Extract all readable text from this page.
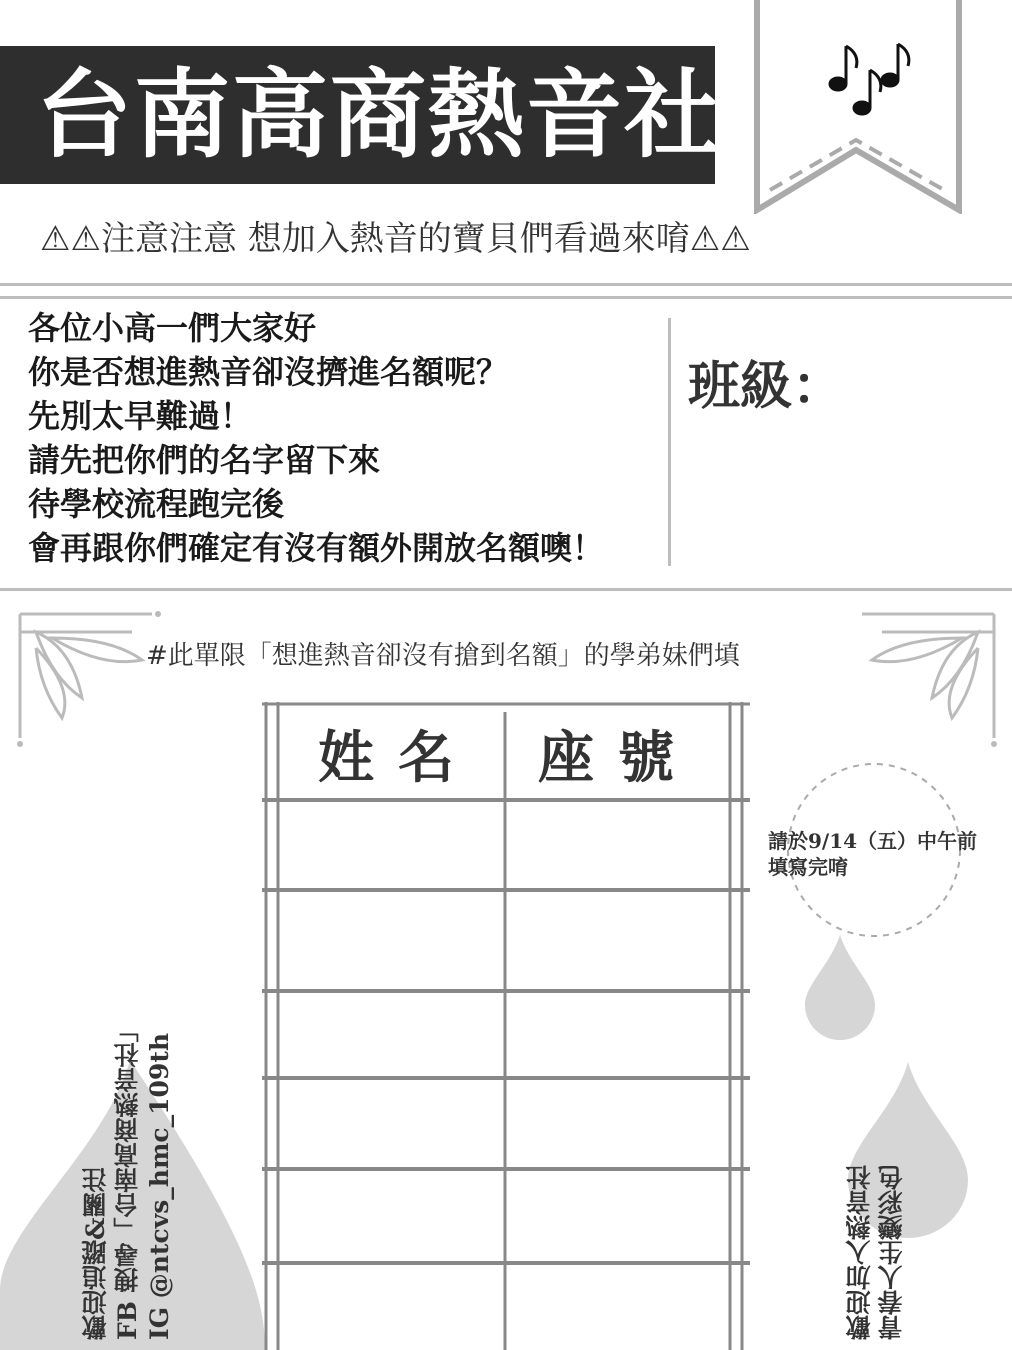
台南高商熱音社
⚠⚠注意注意 想加入熱音的寶貝們看過來唷⚠⚠
各位小高一們大家好
你是否想進熱音卻沒擠進名額呢？
先別太早難過！
請先把你們的名字留下來
待學校流程跑完後
會再跟你們確定有沒有額外開放名額噢！
班級：
#此單限「想進熱音卻沒有搶到名額」的學弟妹們填
姓名 座號
請於9/14（五）中午前
填寫完唷
歡迎追蹤&關注 FB 搜尋「台南高商熱音社」 IG @ntcvs_hmc_109th	歡迎加入熱音社 青春人生變彩色
